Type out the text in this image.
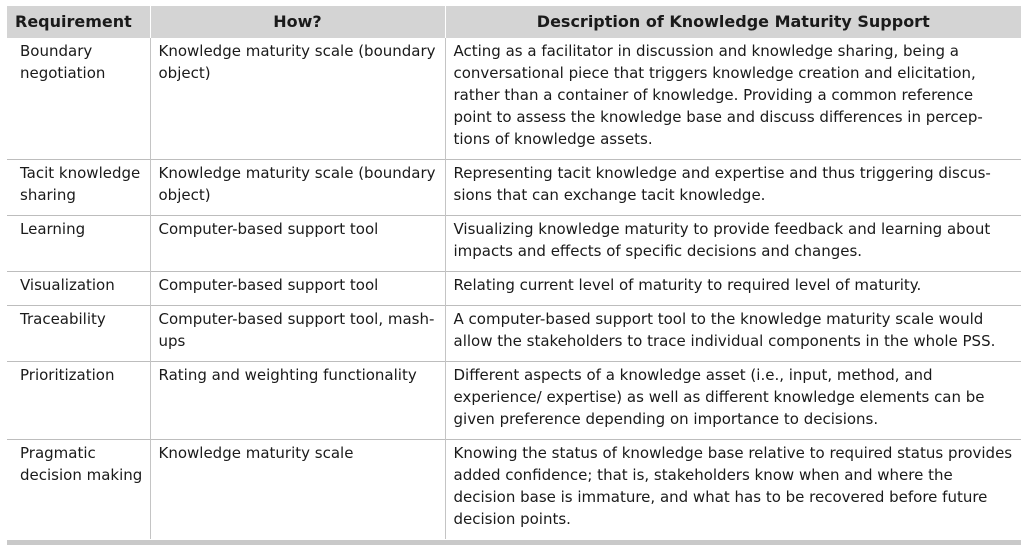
Requirement	How?	Description of Knowledge Maturity Support
Boundary negotiation	Knowledge maturity scale (boundary object)	Acting as a facilitator in discussion and knowledge sharing, being a conversational piece that triggers knowledge creation and elicitation, rather than a container of knowledge. Providing a common reference point to assess the knowledge base and discuss differences in percep-tions of knowledge assets.
Tacit knowledge sharing	Knowledge maturity scale (boundary object)	Representing tacit knowledge and expertise and thus triggering discus-sions that can exchange tacit knowledge.
Learning	Computer-based support tool	Visualizing knowledge maturity to provide feedback and learning about impacts and effects of specific decisions and changes.
Visualization	Computer-based support tool	Relating current level of maturity to required level of maturity.
Traceability	Computer-based support tool, mash-ups	A computer-based support tool to the knowledge maturity scale would allow the stakeholders to trace individual components in the whole PSS.
Prioritization	Rating and weighting functionality	Different aspects of a knowledge asset (i.e., input, method, and experience/ expertise) as well as different knowledge elements can be given preference depending on importance to decisions.
Pragmatic decision making	Knowledge maturity scale	Knowing the status of knowledge base relative to required status provides added confidence; that is, stakeholders know when and where the decision base is immature, and what has to be recovered before future decision points.
